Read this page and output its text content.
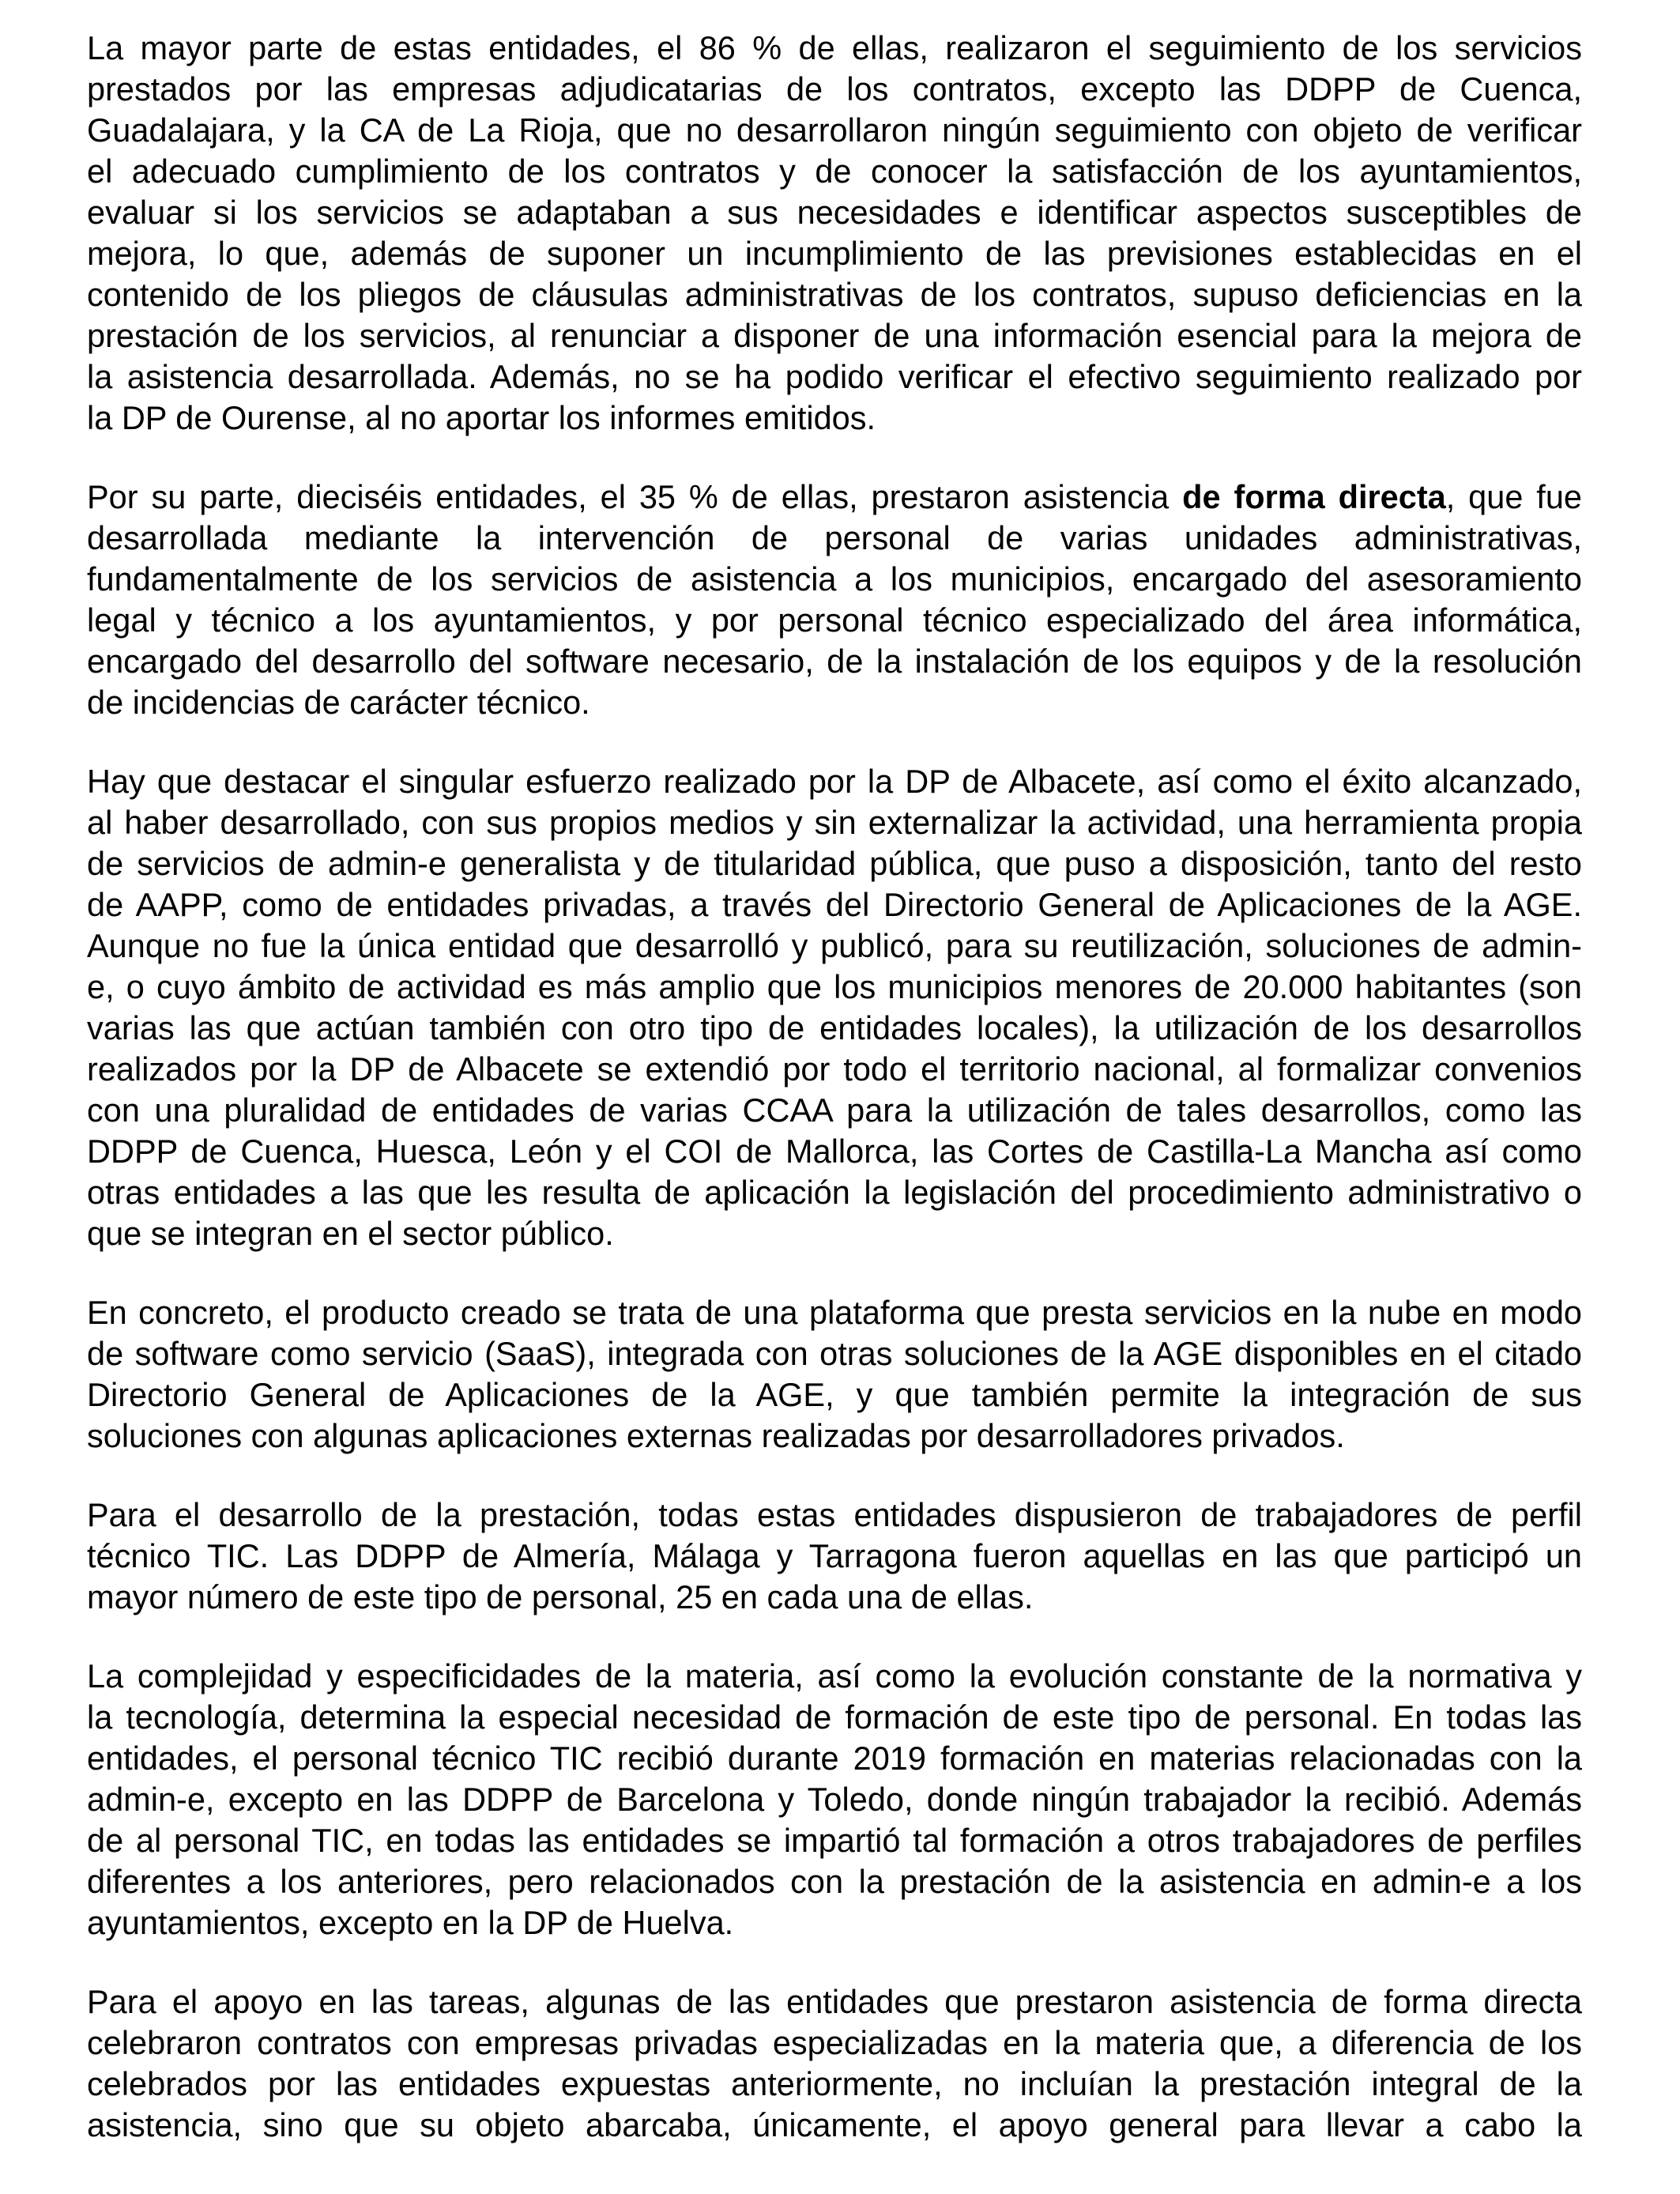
La mayor parte de estas entidades, el 86 % de ellas, realizaron el seguimiento de los servicios
prestados por las empresas adjudicatarias de los contratos, excepto las DDPP de Cuenca,
Guadalajara, y la CA de La Rioja, que no desarrollaron ningún seguimiento con objeto de verificar
el adecuado cumplimiento de los contratos y de conocer la satisfacción de los ayuntamientos,
evaluar si los servicios se adaptaban a sus necesidades e identificar aspectos susceptibles de
mejora, lo que, además de suponer un incumplimiento de las previsiones establecidas en el
contenido de los pliegos de cláusulas administrativas de los contratos, supuso deficiencias en la
prestación de los servicios, al renunciar a disponer de una información esencial para la mejora de
la asistencia desarrollada. Además, no se ha podido verificar el efectivo seguimiento realizado por
la DP de Ourense, al no aportar los informes emitidos.
Por su parte, dieciséis entidades, el 35 % de ellas, prestaron asistencia de forma directa, que fue
desarrollada mediante la intervención de personal de varias unidades administrativas,
fundamentalmente de los servicios de asistencia a los municipios, encargado del asesoramiento
legal y técnico a los ayuntamientos, y por personal técnico especializado del área informática,
encargado del desarrollo del software necesario, de la instalación de los equipos y de la resolución
de incidencias de carácter técnico.
Hay que destacar el singular esfuerzo realizado por la DP de Albacete, así como el éxito alcanzado,
al haber desarrollado, con sus propios medios y sin externalizar la actividad, una herramienta propia
de servicios de admin-e generalista y de titularidad pública, que puso a disposición, tanto del resto
de AAPP, como de entidades privadas, a través del Directorio General de Aplicaciones de la AGE.
Aunque no fue la única entidad que desarrolló y publicó, para su reutilización, soluciones de admin-
e, o cuyo ámbito de actividad es más amplio que los municipios menores de 20.000 habitantes (son
varias las que actúan también con otro tipo de entidades locales), la utilización de los desarrollos
realizados por la DP de Albacete se extendió por todo el territorio nacional, al formalizar convenios
con una pluralidad de entidades de varias CCAA para la utilización de tales desarrollos, como las
DDPP de Cuenca, Huesca, León y el COI de Mallorca, las Cortes de Castilla-La Mancha así como
otras entidades a las que les resulta de aplicación la legislación del procedimiento administrativo o
que se integran en el sector público.
En concreto, el producto creado se trata de una plataforma que presta servicios en la nube en modo
de software como servicio (SaaS), integrada con otras soluciones de la AGE disponibles en el citado
Directorio General de Aplicaciones de la AGE, y que también permite la integración de sus
soluciones con algunas aplicaciones externas realizadas por desarrolladores privados.
Para el desarrollo de la prestación, todas estas entidades dispusieron de trabajadores de perfil
técnico TIC. Las DDPP de Almería, Málaga y Tarragona fueron aquellas en las que participó un
mayor número de este tipo de personal, 25 en cada una de ellas.
La complejidad y especificidades de la materia, así como la evolución constante de la normativa y
la tecnología, determina la especial necesidad de formación de este tipo de personal. En todas las
entidades, el personal técnico TIC recibió durante 2019 formación en materias relacionadas con la
admin-e, excepto en las DDPP de Barcelona y Toledo, donde ningún trabajador la recibió. Además
de al personal TIC, en todas las entidades se impartió tal formación a otros trabajadores de perfiles
diferentes a los anteriores, pero relacionados con la prestación de la asistencia en admin-e a los
ayuntamientos, excepto en la DP de Huelva.
Para el apoyo en las tareas, algunas de las entidades que prestaron asistencia de forma directa
celebraron contratos con empresas privadas especializadas en la materia que, a diferencia de los
celebrados por las entidades expuestas anteriormente, no incluían la prestación integral de la
asistencia, sino que su objeto abarcaba, únicamente, el apoyo general para llevar a cabo la
